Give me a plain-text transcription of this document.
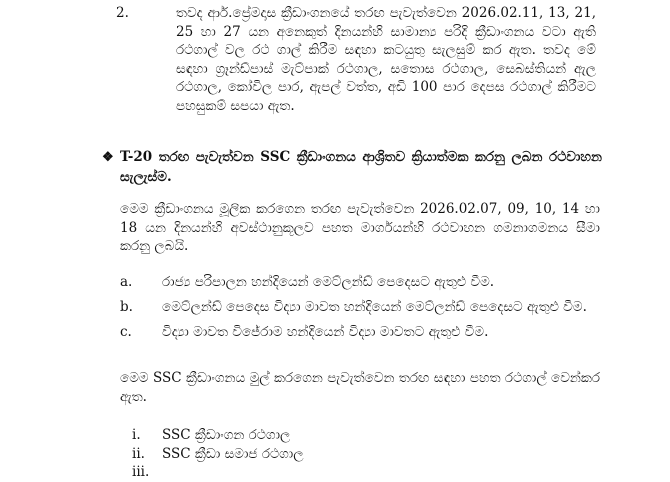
2.	තවද ආර්.ප්‍රේමදාස ක්‍රීඩාංගනයේ තරඟ පැවැත්වෙන 2026.02.11, 13, 21, 25 හා 27 යන අනෙකුත් දිනයන්හි සාමාන්‍ය පරිදි ක්‍රීඩාංගනය වටා ඇති රථගාල් වල රථ ගාල් කිරීම සඳහා කටයුතු සැලසුම් කර ඇත. තවද මේ සඳහා ග්‍රෑන්ඩ්පාස් මැට්පාක් රථගාල, සතොස රථගාල, සෙබස්තියන් ඇල රථගාල, කෝවිල පාර, ඇපල් වත්ත, අඩි 100 පාර දෙපස රථගාල් කිරීමට පහසුකම් සපයා ඇත.
❖ T-20 තරඟ පැවැත්වන SSC ක්‍රීඩාංගනය ආශ්‍රිතව ක්‍රියාත්මක කරනු ලබන රථවාහන සැලැස්ම.
මෙම ක්‍රීඩාංගනය මූලික කරගෙන තරඟ පැවැත්වෙන 2026.02.07, 09, 10, 14 හා 18 යන දිනයන්හි අවස්ථානුකූලව පහත මාර්ගයන්හි රථවාහන ගමනාගමනය සීමා කරනු ලබයි.
a. රාජ්‍ය පරිපාලන හන්දියෙන් මෙට්ලන්ඩ් පෙදෙසට ඇතුළු වීම.
b. මෙට්ලන්ඩ් පෙදෙස විද්‍යා මාවත හන්දියෙන් මෙට්ලන්ඩ් පෙදෙසට ඇතුළු වීම.
c. විද්‍යා මාවත විජේරාම හන්දියෙන් විද්‍යා මාවතට ඇතුළු වීම.
මෙම SSC ක්‍රීඩාංගනය මුල් කරගෙන පැවැත්වෙන තරඟ සඳහා පහත රථගාල් වෙන්කර ඇත.
i. SSC ක්‍රීඩාංගන රථගාල
ii. SSC ක්‍රීඩා සමාජ රථගාල
iii.
